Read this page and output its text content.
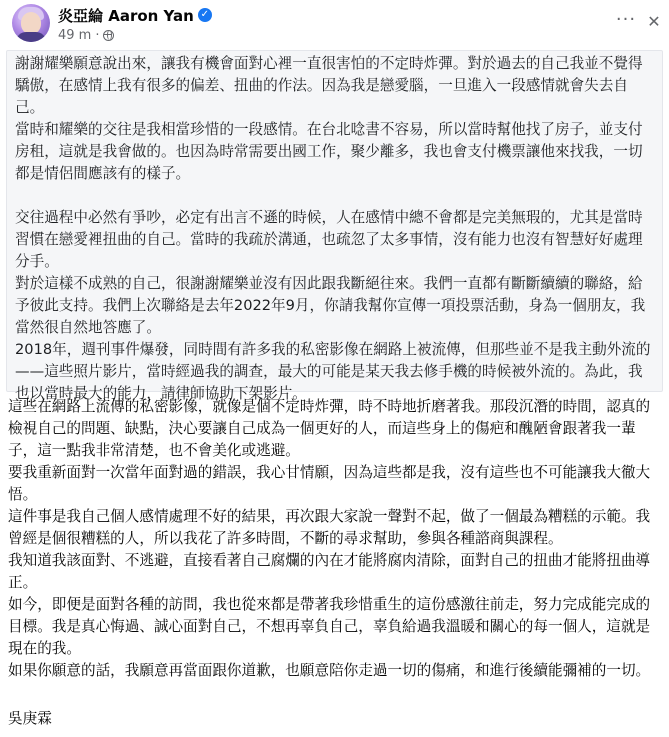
炎亞綸 Aaron Yan ✓
49 m ·
··· ✕

謝謝耀樂願意說出來，讓我有機會面對心裡一直很害怕的不定時炸彈。對於過去的自己我並不覺得驕傲，在感情上我有很多的偏差、扭曲的作法。因為我是戀愛腦，一旦進入一段感情就會失去自己。

當時和耀樂的交往是我相當珍惜的一段感情。在台北唸書不容易，所以當時幫他找了房子，並支付房租，這就是我會做的。也因為時常需要出國工作，聚少離多，我也會支付機票讓他來找我，一切都是情侶間應該有的樣子。

交往過程中必然有爭吵，必定有出言不遜的時候，人在感情中總不會都是完美無瑕的，尤其是當時習慣在戀愛裡扭曲的自己。當時的我疏於溝通，也疏忽了太多事情，沒有能力也沒有智慧好好處理分手。

對於這樣不成熟的自己，很謝謝耀樂並沒有因此跟我斷絕往來。我們一直都有斷斷續續的聯絡，給予彼此支持。我們上次聯絡是去年2022年9月，你請我幫你宣傳一項投票活動，身為一個朋友，我當然很自然地答應了。

2018年，週刊事件爆發，同時間有許多我的私密影像在網路上被流傳，但那些並不是我主動外流的——這些照片影片，當時經過我的調查，最大的可能是某天我去修手機的時候被外流的。為此，我也以當時最大的能力，請律師協助下架影片。

這些在網路上流傳的私密影像，就像是個不定時炸彈，時不時地折磨著我。那段沉潛的時間，認真的檢視自己的問題、缺點，決心要讓自己成為一個更好的人，而這些身上的傷疤和醜陋會跟著我一輩子，這一點我非常清楚，也不會美化或逃避。

要我重新面對一次當年面對過的錯誤，我心甘情願，因為這些都是我，沒有這些也不可能讓我大徹大悟。

這件事是我自己個人感情處理不好的結果，再次跟大家說一聲對不起，做了一個最為糟糕的示範。我曾經是個很糟糕的人，所以我花了許多時間，不斷的尋求幫助，參與各種諮商與課程。

我知道我該面對、不逃避，直接看著自己腐爛的內在才能將腐肉清除，面對自己的扭曲才能將扭曲導正。

如今，即便是面對各種的訪問，我也從來都是帶著我珍惜重生的這份感激往前走，努力完成能完成的目標。我是真心悔過、誠心面對自己，不想再辜負自己，辜負給過我溫暖和關心的每一個人，這就是現在的我。

如果你願意的話，我願意再當面跟你道歉，也願意陪你走過一切的傷痛，和進行後續能彌補的一切。

吳庚霖
